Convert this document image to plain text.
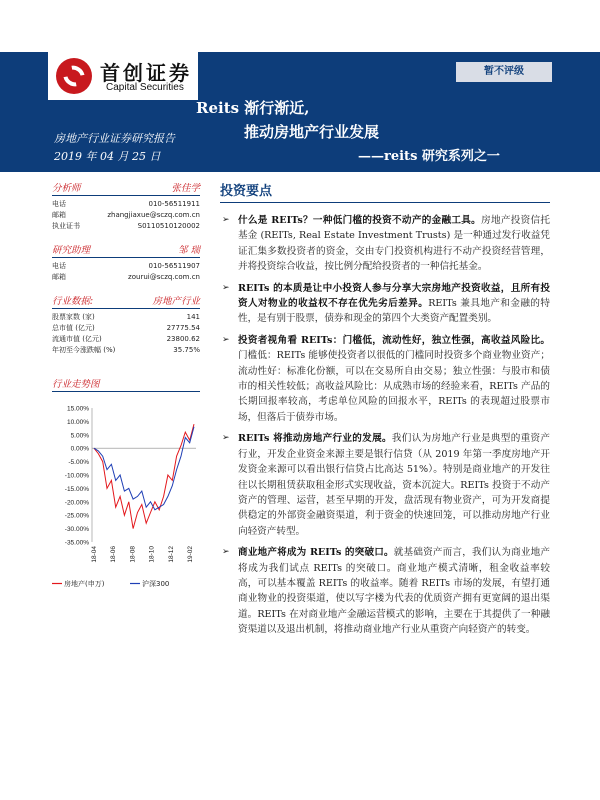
首创证券
Capital Securities
暂不评级
Reits 渐行渐近,
推动房地产行业发展
——reits 研究系列之一
房地产行业证券研究报告
2019 年 04 月 25 日
分析师	张佳学
电话	010-56511911
邮箱	zhangjiaxue@sczq.com.cn
执业证书	S0110510120002
研究助理	邹 瑞
电话	010-56511907
邮箱	zourui@sczq.com.cn
行业数据:	房地产行业
股票家数 (家)	141
总市值 (亿元)	27775.54
流通市值 (亿元)	23800.62
年初至今涨跌幅 (%)	35.75%
行业走势图
15.00%
10.00%
5.00%
0.00%
-5.00%
-10.00%
-15.00%
-20.00%
-25.00%
-30.00%
-35.00%
18-04 18-06 18-08 18-10 18-12 19-02
房地产(申万)	沪深300
投资要点
➢ 什么是 REITs？一种低门槛的投资不动产的金融工具。房地产投资信托基金 (REITs, Real Estate Investment Trusts) 是一种通过发行收益凭证汇集多数投资者的资金，交由专门投资机构进行不动产投资经营管理，并将投资综合收益，按比例分配给投资者的一种信托基金。
➢ REITs 的本质是让中小投资人参与分享大宗房地产投资收益，且所有投资人对物业的收益权不存在优先劣后差异。REITs 兼具地产和金融的特性，是有别于股票，债券和现金的第四个大类资产配置类别。
➢ 投资者视角看 REITs：门槛低，流动性好，独立性强，高收益风险比。门槛低：REITs 能够使投资者以很低的门槛同时投资多个商业物业资产；流动性好：标准化份额，可以在交易所自由交易；独立性强：与股市和债市的相关性较低；高收益风险比：从成熟市场的经验来看，REITs 产品的长期回报率较高，考虑单位风险的回报水平，REITs 的表现超过股票市场，但落后于债券市场。
➢ REITs 将推动房地产行业的发展。我们认为房地产行业是典型的重资产行业，开发企业资金来源主要是银行信贷（从 2019 年第一季度房地产开发资金来源可以看出银行信贷占比高达 51%）。特别是商业地产的开发往往以长期租赁获取租金形式实现收益，资本沉淀大。REITs 投资于不动产资产的管理、运营，甚至早期的开发，盘活现有物业资产，可为开发商提供稳定的外部资金融资渠道，利于资金的快速回笼，可以推动房地产行业向轻资产转型。
➢ 商业地产将成为 REITs 的突破口。就基础资产而言，我们认为商业地产将成为我们试点 REITs 的突破口。商业地产模式清晰，租金收益率较高，可以基本覆盖 REITs 的收益率。随着 REITs 市场的发展，有望打通商业物业的投资渠道，使以写字楼为代表的优质资产拥有更宽阔的退出渠道。REITs 在对商业地产金融运营模式的影响，主要在于其提供了一种融资渠道以及退出机制，将推动商业地产行业从重资产向轻资产的转变。
